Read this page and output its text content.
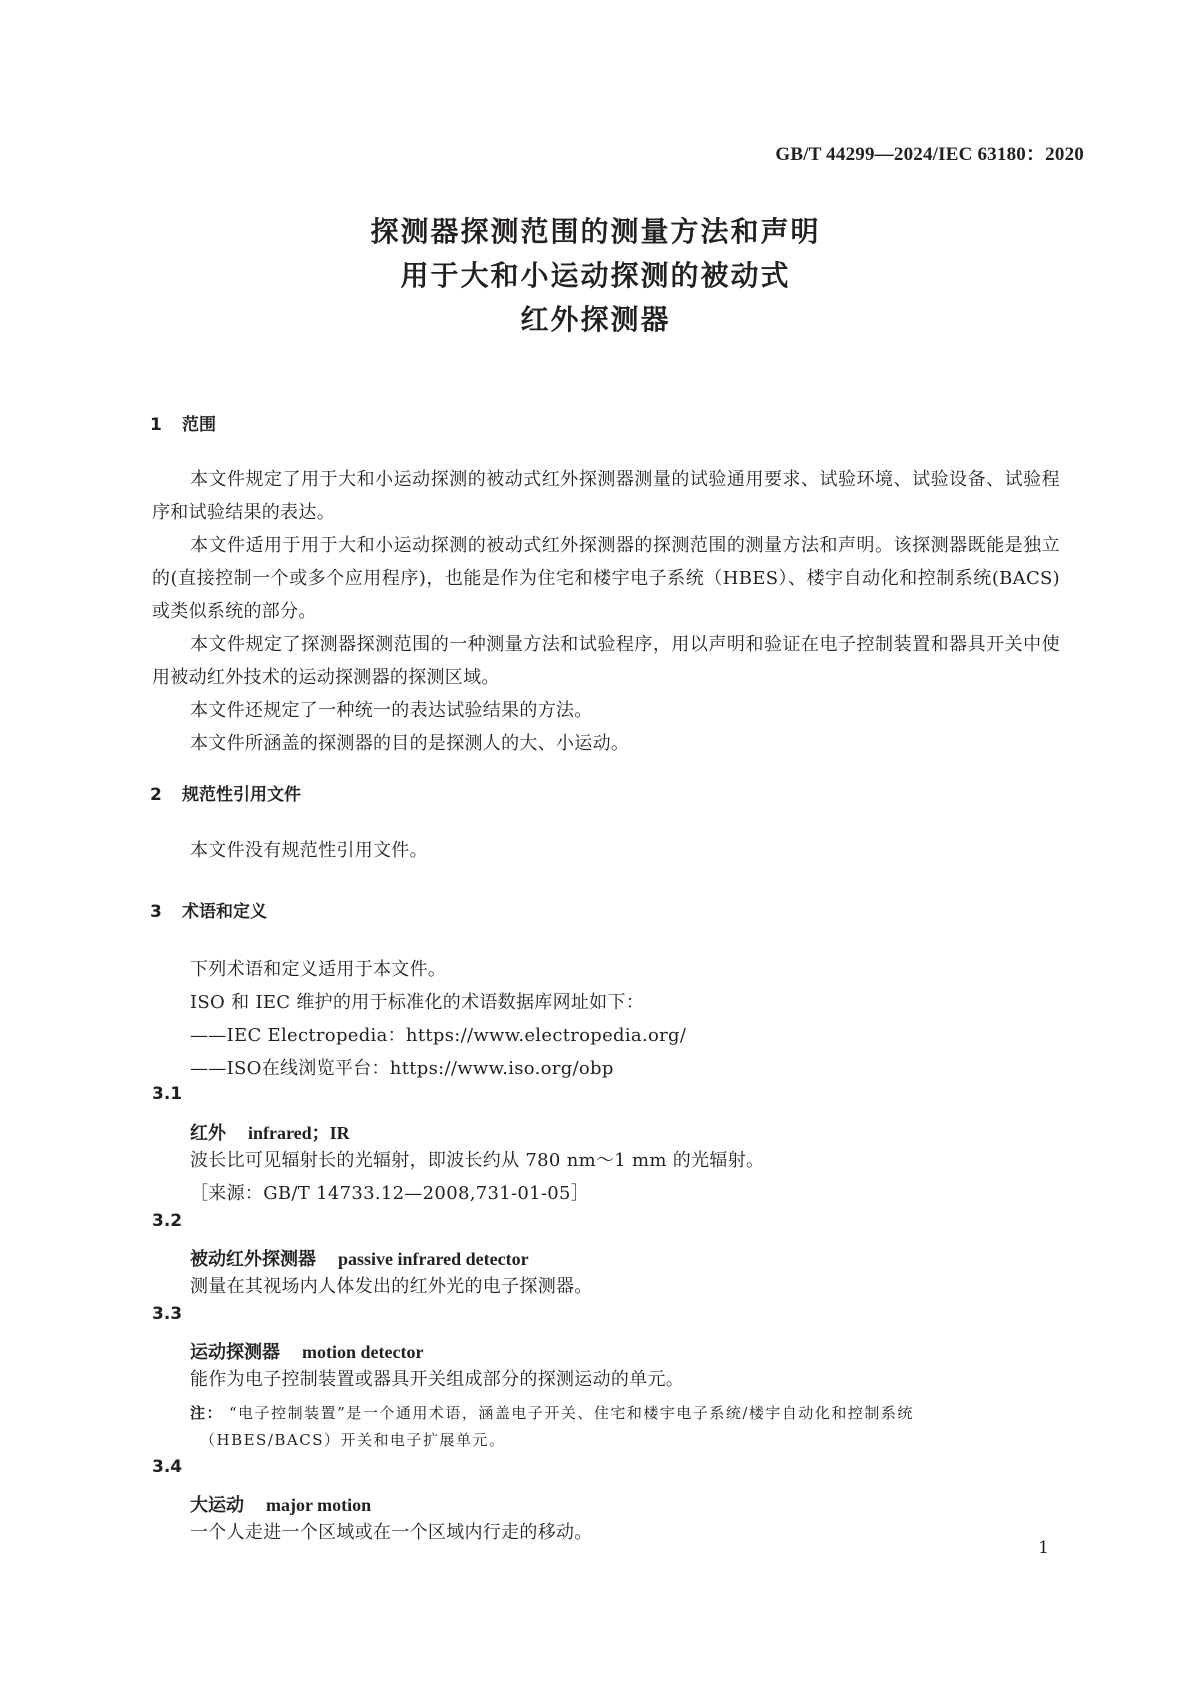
GB/T 44299—2024/IEC 63180：2020
探测器探测范围的测量方法和声明
用于大和小运动探测的被动式
红外探测器
1 范围
本文件规定了用于大和小运动探测的被动式红外探测器测量的试验通用要求、试验环境、试验设备、试验程序和试验结果的表达。
本文件适用于用于大和小运动探测的被动式红外探测器的探测范围的测量方法和声明。该探测器既能是独立的(直接控制一个或多个应用程序)，也能是作为住宅和楼宇电子系统（HBES）、楼宇自动化和控制系统(BACS)或类似系统的部分。
本文件规定了探测器探测范围的一种测量方法和试验程序，用以声明和验证在电子控制装置和器具开关中使用被动红外技术的运动探测器的探测区域。
本文件还规定了一种统一的表达试验结果的方法。
本文件所涵盖的探测器的目的是探测人的大、小运动。
2 规范性引用文件
本文件没有规范性引用文件。
3 术语和定义
下列术语和定义适用于本文件。
ISO 和 IEC 维护的用于标准化的术语数据库网址如下：
——IEC Electropedia：https://www.electropedia.org/
——ISO在线浏览平台：https://www.iso.org/obp
3.1
红外 infrared；IR
波长比可见辐射长的光辐射，即波长约从 780 nm～1 mm 的光辐射。
［来源：GB/T 14733.12—2008,731-01-05］
3.2
被动红外探测器 passive infrared detector
测量在其视场内人体发出的红外光的电子探测器。
3.3
运动探测器 motion detector
能作为电子控制装置或器具开关组成部分的探测运动的单元。
注： “电子控制装置”是一个通用术语，涵盖电子开关、住宅和楼宇电子系统/楼宇自动化和控制系统
（HBES/BACS）开关和电子扩展单元。
3.4
大运动 major motion
一个人走进一个区域或在一个区域内行走的移动。
1
